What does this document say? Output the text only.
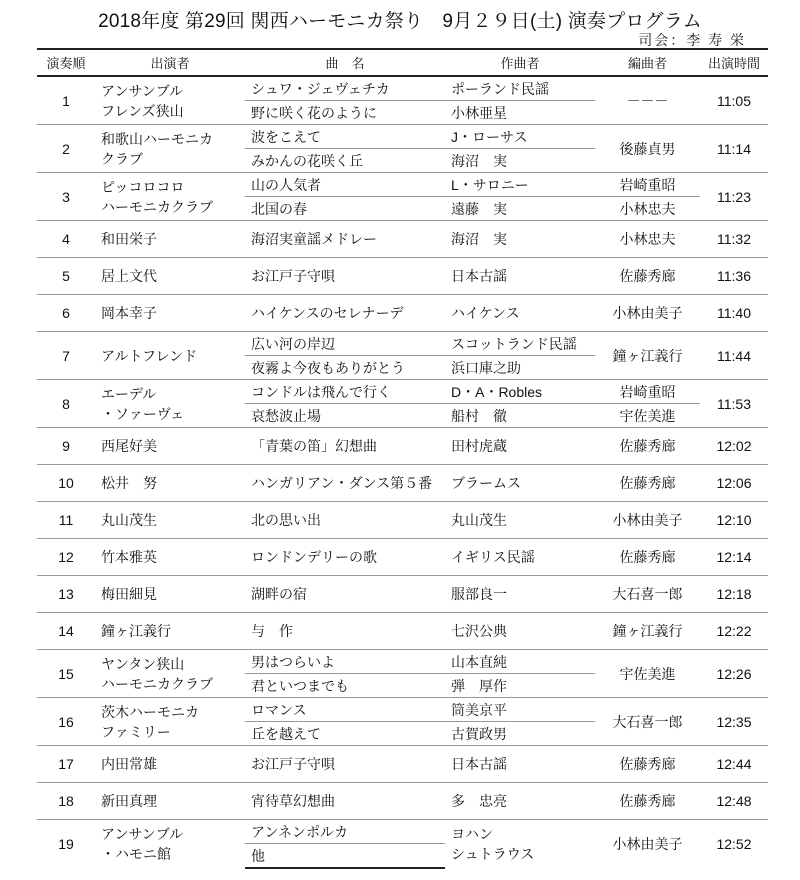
2018年度 第29回 関西ハーモニカ祭り　9月２９日(土) 演奏プログラム
司会：李 寿 栄
演奏順	出演者	曲　名	作曲者	編曲者	出演時間
1	アンサンブル
フレンズ狭山	シュワ・ジェヴェチカ	ポーランド民謡	－－－	11:05
		野に咲く花のように	小林亜星		
2	和歌山ハーモニカ
クラブ	波をこえて	J・ローサス	後藤貞男	11:14
		みかんの花咲く丘	海沼　実		
3	ピッコロコロ
ハーモニカクラブ	山の人気者	L・サロニー	岩崎重昭	11:23
		北国の春	遠藤　実	小林忠夫	
4	和田栄子	海沼実童謡メドレー	海沼　実	小林忠夫	11:32
5	居上文代	お江戸子守唄	日本古謡	佐藤秀廊	11:36
6	岡本幸子	ハイケンスのセレナーデ	ハイケンス	小林由美子	11:40
7	アルトフレンド	広い河の岸辺	スコットランド民謡	鐘ヶ江義行	11:44
		夜霧よ今夜もありがとう	浜口庫之助		
8	エーデル
・ソァーヴェ	コンドルは飛んで行く	D・A・Robles	岩崎重昭	11:53
		哀愁波止場	船村　徹	宇佐美進	
9	西尾好美	「青葉の笛」幻想曲	田村虎蔵	佐藤秀廊	12:02
10	松井　努	ハンガリアン・ダンス第５番	ブラームス	佐藤秀廊	12:06
11	丸山茂生	北の思い出	丸山茂生	小林由美子	12:10
12	竹本雅英	ロンドンデリーの歌	イギリス民謡	佐藤秀廊	12:14
13	梅田細見	湖畔の宿	服部良一	大石喜一郎	12:18
14	鐘ヶ江義行	与　作	七沢公典	鐘ヶ江義行	12:22
15	ヤンタン狭山
ハーモニカクラブ	男はつらいよ	山本直純	宇佐美進	12:26
		君といつまでも	弾　厚作		
16	茨木ハーモニカ
ファミリー	ロマンス	筒美京平	大石喜一郎	12:35
		丘を越えて	古賀政男		
17	内田常雄	お江戸子守唄	日本古謡	佐藤秀廊	12:44
18	新田真理	宵待草幻想曲	多　忠亮	佐藤秀廊	12:48
19	アンサンブル
・ハモニ館	アンネンポルカ	ヨハン
シュトラウス	小林由美子	12:52
		他			
